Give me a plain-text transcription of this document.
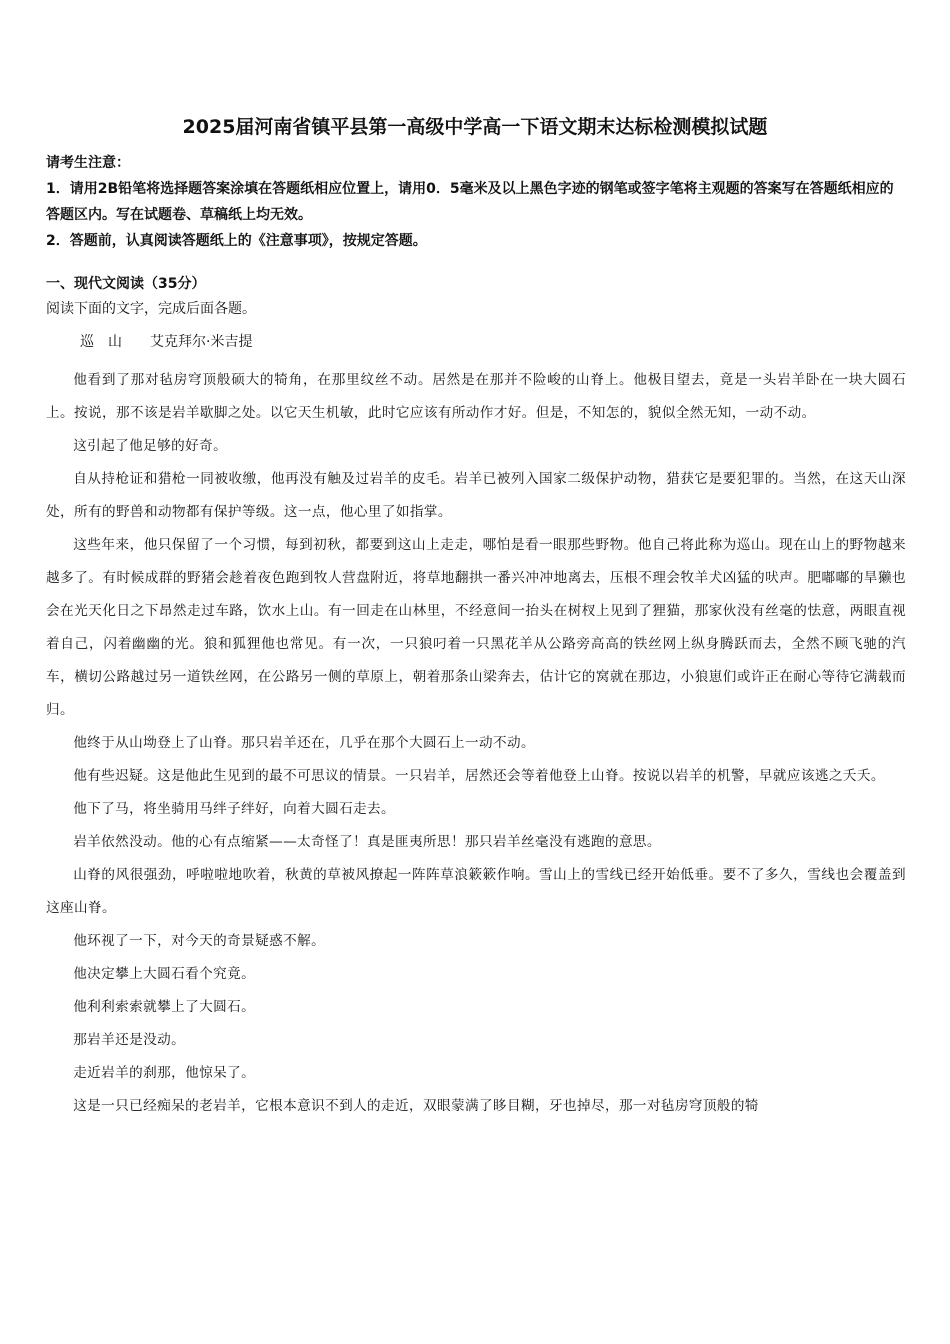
2025届河南省镇平县第一高级中学高一下语文期末达标检测模拟试题

请考生注意：

1．请用2B铅笔将选择题答案涂填在答题纸相应位置上，请用0．5毫米及以上黑色字迹的钢笔或签字笔将主观题的答案写在答题纸相应的答题区内。写在试题卷、草稿纸上均无效。

2．答题前，认真阅读答题纸上的《注意事项》，按规定答题。

一、现代文阅读（35分）

阅读下面的文字，完成后面各题。

巡　山　　艾克拜尔·米吉提

他看到了那对毡房穹顶般硕大的犄角，在那里纹丝不动。居然是在那并不险峻的山脊上。他极目望去，竟是一头岩羊卧在一块大圆石上。按说，那不该是岩羊歇脚之处。以它天生机敏，此时它应该有所动作才好。但是，不知怎的，貌似全然无知，一动不动。

这引起了他足够的好奇。

自从持枪证和猎枪一同被收缴，他再没有触及过岩羊的皮毛。岩羊已被列入国家二级保护动物，猎获它是要犯罪的。当然，在这天山深处，所有的野兽和动物都有保护等级。这一点，他心里了如指掌。

这些年来，他只保留了一个习惯，每到初秋，都要到这山上走走，哪怕是看一眼那些野物。他自己将此称为巡山。现在山上的野物越来越多了。有时候成群的野猪会趁着夜色跑到牧人营盘附近，将草地翻拱一番兴冲冲地离去，压根不理会牧羊犬凶猛的吠声。肥嘟嘟的旱獭也会在光天化日之下昂然走过车路，饮水上山。有一回走在山林里，不经意间一抬头在树杈上见到了狸猫，那家伙没有丝毫的怯意，两眼直视着自己，闪着幽幽的光。狼和狐狸他也常见。有一次，一只狼叼着一只黑花羊从公路旁高高的铁丝网上纵身腾跃而去，全然不顾飞驰的汽车，横切公路越过另一道铁丝网，在公路另一侧的草原上，朝着那条山梁奔去，估计它的窝就在那边，小狼崽们或许正在耐心等待它满载而归。

他终于从山坳登上了山脊。那只岩羊还在，几乎在那个大圆石上一动不动。

他有些迟疑。这是他此生见到的最不可思议的情景。一只岩羊，居然还会等着他登上山脊。按说以岩羊的机警，早就应该逃之夭夭。

他下了马，将坐骑用马绊子绊好，向着大圆石走去。

岩羊依然没动。他的心有点缩紧——太奇怪了！真是匪夷所思！那只岩羊丝毫没有逃跑的意思。

山脊的风很强劲，呼啦啦地吹着，秋黄的草被风撩起一阵阵草浪簌簌作响。雪山上的雪线已经开始低垂。要不了多久，雪线也会覆盖到这座山脊。

他环视了一下，对今天的奇景疑惑不解。

他决定攀上大圆石看个究竟。

他利利索索就攀上了大圆石。

那岩羊还是没动。

走近岩羊的刹那，他惊呆了。

这是一只已经痴呆的老岩羊，它根本意识不到人的走近，双眼蒙满了眵目糊，牙也掉尽，那一对毡房穹顶般的犄
